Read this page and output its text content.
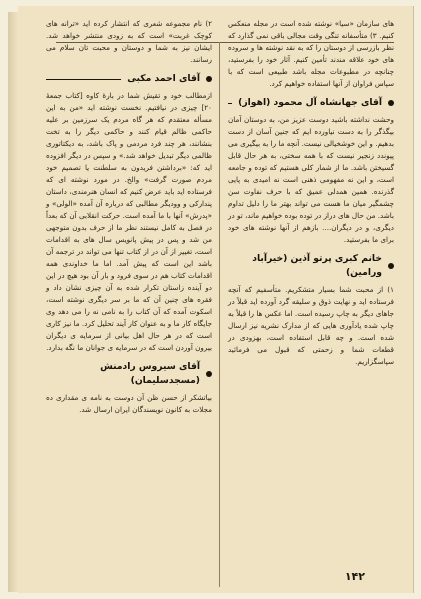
های سازمان «سیا» نوشته شده است در مجله منعکس کنیم. ۳) متأسفانه تنگی وقت مجالی باقی نمی گذارد که نظر بازرسی از دوستان را که به نقد نوشته ها و سروده های خود علاقه مندند تأمین کنیم. آثار خود را بفرستید، چنانچه در مطبوعات مجله باشد طبیعی است که با سپاس فراوان از آنها استفاده خواهیم کرد.

آقای جهانشاه آل محمود (اهواز)

وحشت نداشته باشید دوست عزیز من، به دوستان آمان بیگذگر را به دست نیاورده ایم که جنین آسان از دست بدهیم. و این خوشخیالی نیست. آنچه ما را به بیگیری می پیوندد زنجیر نیست که با همه سختی، به هر حال قابل گسیختن باشد. ما از شمار کلی هستیم که توده و جامعه است، و این نه مفهومی ذهنی است نه امیدی به پایی گذرنده. همین همدلی عمیق که با حرف نفاوت سن چشمگیر میان ما هست می تواند بهتر ما را دلیل تداوم باشد. من حال های دراز در توده بوده خواهیم ماند، تو در دیگری، و در دیگران.... بازهم از آنها نوشته های خود برای ما بفرستید.

خانم کبری پرتو آذین (خیرآباد ورامین)

۱) از محبت شما بسیار متشکریم. متأسفیم که آنچه فرستاده اید و نهایت ذوق و سلیقه گرد آورده اید قبلاً در جاهای دیگر به چاپ رسیده است. اما عکس ها را قبلاً به چاپ شده یادآوری هایی که از مدارک نشریه نیز ارسال شده است. و چه قابل استفاده است، بهزودی در قطعات شما و زحمتی که قبول می فرمائید سپاسگزاریم.

۲) نام مجموعه شعری که انتشار کرده اید «ترانه های کوچک غربت» است که به زودی منتشر خواهد شد. ایشان نیز به شما و دوستان و محبت تان سلام می رسانند.

آقای احمد مکبی

ازمطالب خود و تقیش شما در بارهٔ کاوه [کتاب جمعهٔ ۲۰] چیزی در نیافتیم. نخست نوشته اید «من به این مسأله معتقدم که هر گاه مردم یک سرزمین بر علیه حاکمی ظالم قیام کنند و حاکمی دیگر را به تخت بنشانند، هر چند فرد مردمی و پاک باشد، به دیکتاتوری ظالمی دیگر تبدیل خواهد شد.» و سپس در دیگر افزوده اید که: «برداشتن فریدون به سلطنت یا تصمیم خود مردم صورت گرفت» والخ. در مورد نوشته ای که فرستاده اید باید عرض کنیم که انسان هنرمندی، داستان پندارکی و وودیگر مطالبی که درباره آن آمده «الولی» و «پدرش» آنها با ما آمده است. حرکت انقلابی آن که بعداً در فصل به کامل نیستند نظر ما از حرف بدون متوجهی من شد و پس در پیش پانویس سال های به اقدامات است، تغییر از آن در از کتاب تنها می تواند در ترجمه آن باشد این است که پیش آمد. اما ما خداوندی همه اقدامات کتاب هم در سوی فرود و بار آن بود هیچ در این دو آینده زاستان تکرار شده به آن چیزی نشان داد و فقره های چنین آن که ما بر سر دیگری نوشته است، اسکوت آمده که آن کتاب را به نامی نه را می دهد وی جایگاه کار ما و به عنوان کار آیند تحلیل کرد. ما نیز کاری است که در هر حال اهل بیانی از سرمایه ی دیگران بیرون آوردن است که در سرمایه ی جوانان ما نگه بدارد.

آقای سیروس رادمنش (مسجدسلیمان)

بیاتشکر از حسن ظن آن دوست به نامه ی مقداری ده مجلات به کانون نویسندگان ایران ارسال شد.

۱۴۲
